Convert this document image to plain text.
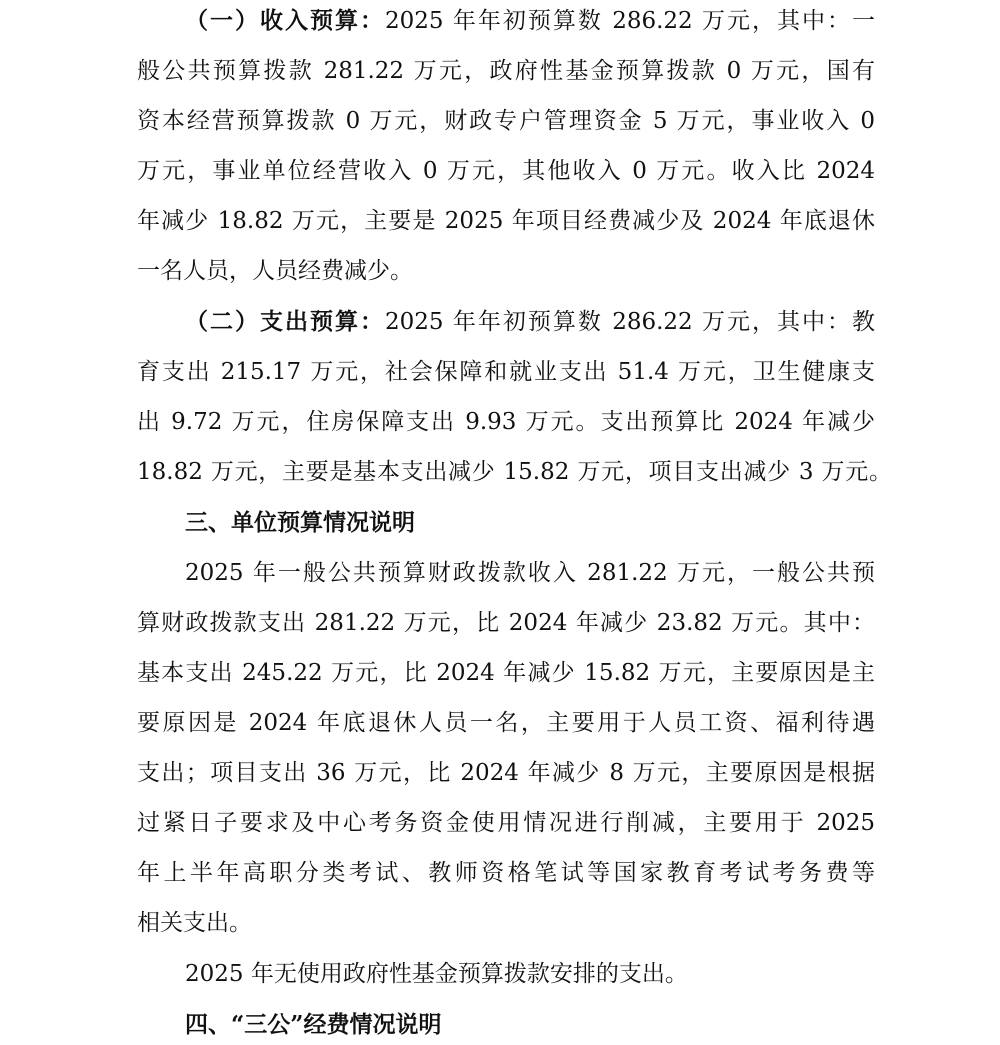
（一）收入预算：2025 年年初预算数 286.22 万元，其中：一
般公共预算拨款 281.22 万元，政府性基金预算拨款 0 万元，国有
资本经营预算拨款 0 万元，财政专户管理资金 5 万元，事业收入 0
万元，事业单位经营收入 0 万元，其他收入 0 万元。收入比 2024
年减少 18.82 万元，主要是 2025 年项目经费减少及 2024 年底退休
一名人员，人员经费减少。
（二）支出预算：2025 年年初预算数 286.22 万元，其中：教
育支出 215.17 万元，社会保障和就业支出 51.4 万元，卫生健康支
出 9.72 万元，住房保障支出 9.93 万元。支出预算比 2024 年减少
18.82 万元，主要是基本支出减少 15.82 万元，项目支出减少 3 万元。
三、单位预算情况说明
2025 年一般公共预算财政拨款收入 281.22 万元，一般公共预
算财政拨款支出 281.22 万元，比 2024 年减少 23.82 万元。其中：
基本支出 245.22 万元，比 2024 年减少 15.82 万元，主要原因是主
要原因是 2024 年底退休人员一名，主要用于人员工资、福利待遇
支出；项目支出 36 万元，比 2024 年减少 8 万元，主要原因是根据
过紧日子要求及中心考务资金使用情况进行削减，主要用于 2025
年上半年高职分类考试、教师资格笔试等国家教育考试考务费等
相关支出。
2025 年无使用政府性基金预算拨款安排的支出。
四、“三公”经费情况说明
